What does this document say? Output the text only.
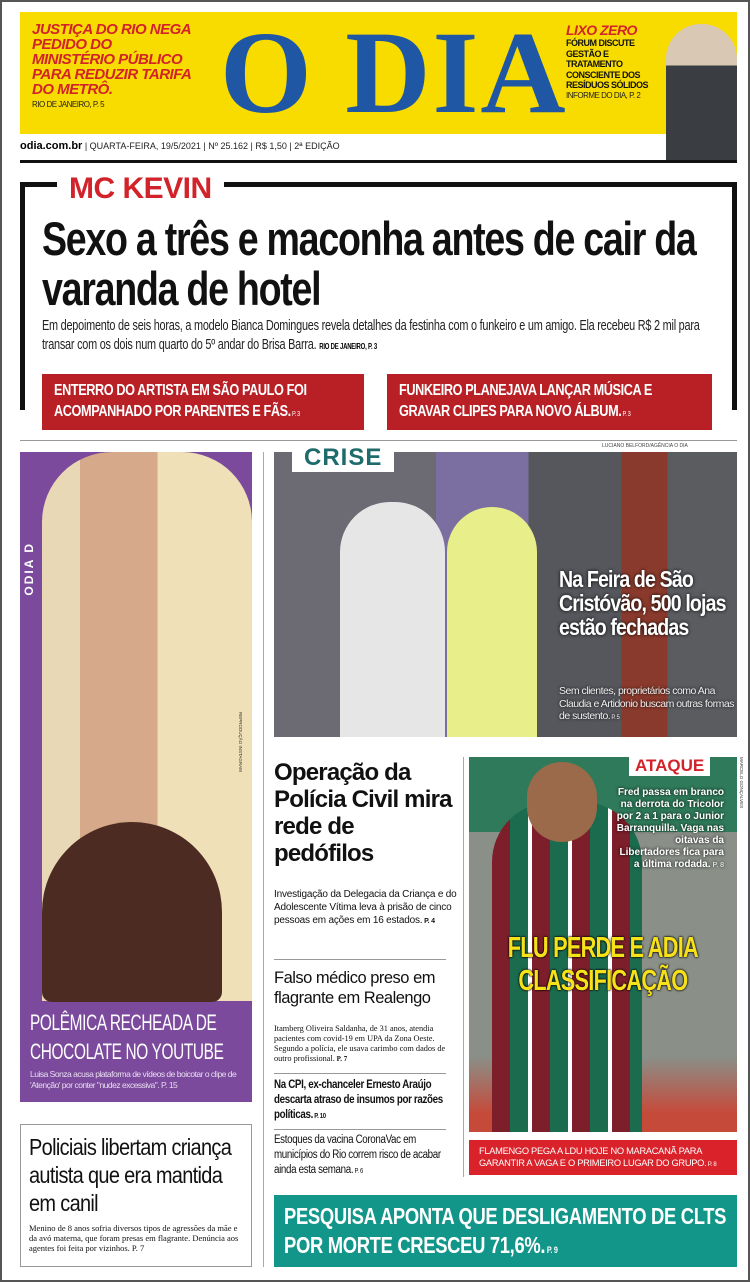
JUSTIÇA DO RIO NEGA PEDIDO DO MINISTÉRIO PÚBLICO PARA REDUZIR TARIFA DO METRÔ.
RIO DE JANEIRO, P. 5 O DIA
LIXO ZERO
FÓRUM DISCUTE GESTÃO E TRATAMENTO CONSCIENTE DOS RESÍDUOS SÓLIDOS
INFORME DO DIA, P. 2
odia.com.br | QUARTA-FEIRA, 19/5/2021 | Nº 25.162 | R$ 1,50 | 2ª EDIÇÃO
MC KEVIN
Sexo a três e maconha antes de cair da varanda de hotel
Em depoimento de seis horas, a modelo Bianca Domingues revela detalhes da festinha com o funkeiro e um amigo. Ela recebeu R$ 2 mil para transar com os dois num quarto do 5º andar do Brisa Barra. RIO DE JANEIRO, P. 3
ENTERRO DO ARTISTA EM SÃO PAULO FOI ACOMPANHADO POR PARENTES E FÃS. P. 3
FUNKEIRO PLANEJAVA LANÇAR MÚSICA E GRAVAR CLIPES PARA NOVO ÁLBUM. P. 3
LUCIANO BELFORD/AGÊNCIA O DIA
ODIA D
REPRODUÇÃO INSTAGRAM
POLÊMICA RECHEADA DE CHOCOLATE NO YOUTUBE
Luisa Sonza acusa plataforma de vídeos de boicotar o clipe de 'Atenção' por conter "nudez excessiva". P. 15
Policiais libertam criança autista que era mantida em canil

Menino de 8 anos sofria diversos tipos de agressões da mãe e da avó materna, que foram presas em flagrante. Denúncia aos agentes foi feita por vizinhos. P. 7

CRISE
Na Feira de São Cristóvão, 500 lojas estão fechadas
Sem clientes, proprietários como Ana Claudia e Artidonio buscam outras formas de sustento. P. 5
Operação da Polícia Civil mira rede de pedófilos
Investigação da Delegacia da Criança e do Adolescente Vítima leva à prisão de cinco pessoas em ações em 16 estados. P. 4
Falso médico preso em flagrante em Realengo
Itamberg Oliveira Saldanha, de 31 anos, atendia pacientes com covid-19 em UPA da Zona Oeste. Segundo a polícia, ele usava carimbo com dados de outro profissional. P. 7
Na CPI, ex-chanceler Ernesto Araújo descarta atraso de insumos por razões políticas. P. 10
Estoques da vacina CoronaVac em municípios do Rio correm risco de acabar ainda esta semana. P. 6
ATAQUE	MARCELO GONÇALVES
Fred passa em branco na derrota do Tricolor por 2 a 1 para o Junior Barranquilla. Vaga nas oitavas da Libertadores fica para a última rodada. P. 8
FLU PERDE E ADIA CLASSIFICAÇÃO
FLAMENGO PEGA A LDU HOJE NO MARACANÃ PARA GARANTIR A VAGA E O PRIMEIRO LUGAR DO GRUPO. P. 8
PESQUISA APONTA QUE DESLIGAMENTO DE CLTS POR MORTE CRESCEU 71,6%. P. 9
